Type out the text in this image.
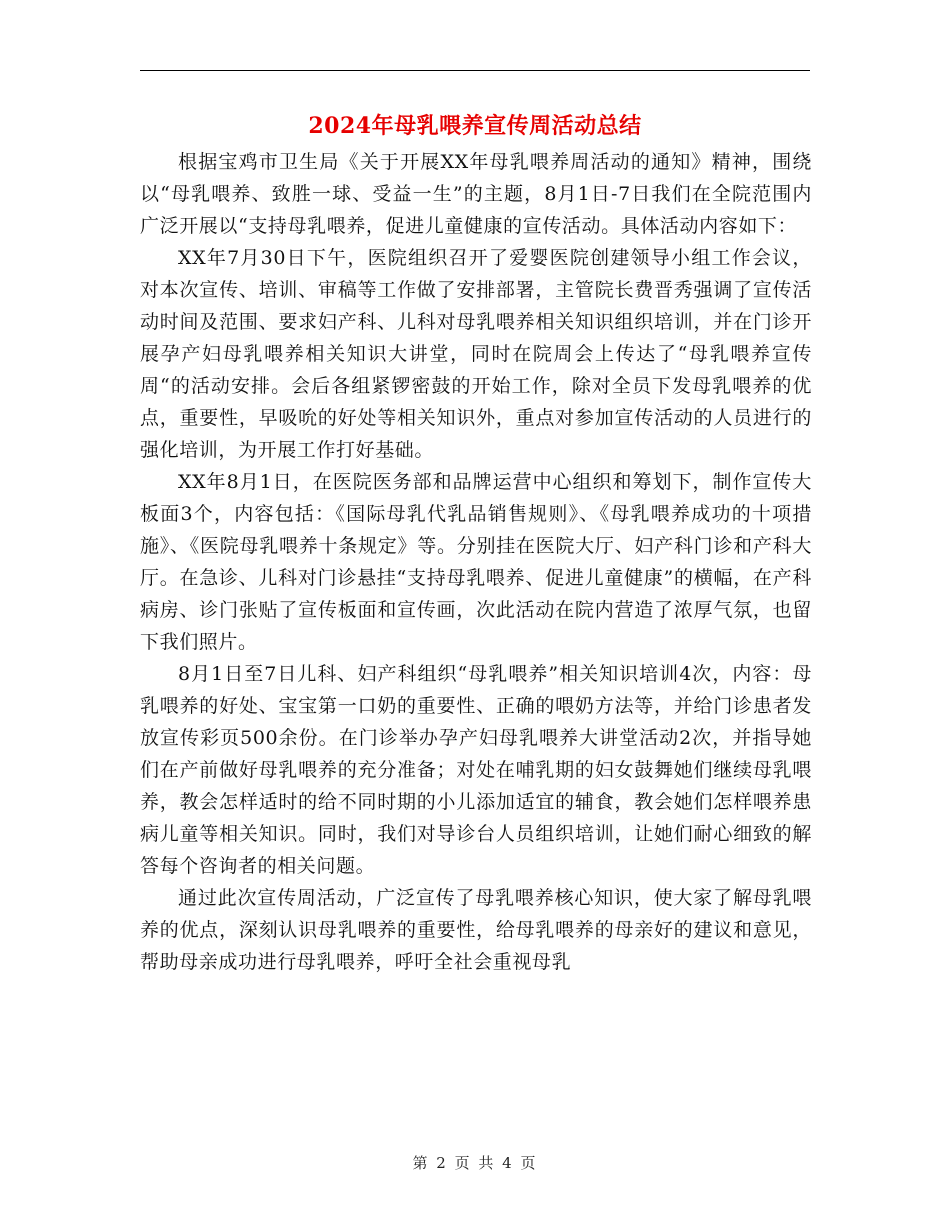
2024年母乳喂养宣传周活动总结

根据宝鸡市卫生局《关于开展XX年母乳喂养周活动的通知》精神，围绕以“母乳喂养、致胜一球、受益一生”的主题，8月1日-7日我们在全院范围内广泛开展以“支持母乳喂养，促进儿童健康的宣传活动。具体活动内容如下：

XX年7月30日下午，医院组织召开了爱婴医院创建领导小组工作会议，对本次宣传、培训、审稿等工作做了安排部署，主管院长费晋秀强调了宣传活动时间及范围、要求妇产科、儿科对母乳喂养相关知识组织培训，并在门诊开展孕产妇母乳喂养相关知识大讲堂，同时在院周会上传达了“母乳喂养宣传周“的活动安排。会后各组紧锣密鼓的开始工作，除对全员下发母乳喂养的优点，重要性，早吸吮的好处等相关知识外，重点对参加宣传活动的人员进行的强化培训，为开展工作打好基础。

XX年8月1日，在医院医务部和品牌运营中心组织和筹划下，制作宣传大板面3个，内容包括：《国际母乳代乳品销售规则》、《母乳喂养成功的十项措施》、《医院母乳喂养十条规定》等。分别挂在医院大厅、妇产科门诊和产科大厅。在急诊、儿科对门诊悬挂“支持母乳喂养、促进儿童健康”的横幅，在产科病房、诊门张贴了宣传板面和宣传画，次此活动在院内营造了浓厚气氛，也留下我们照片。

8月1日至7日儿科、妇产科组织“母乳喂养”相关知识培训4次，内容：母乳喂养的好处、宝宝第一口奶的重要性、正确的喂奶方法等，并给门诊患者发放宣传彩页500余份。在门诊举办孕产妇母乳喂养大讲堂活动2次，并指导她们在产前做好母乳喂养的充分准备；对处在哺乳期的妇女鼓舞她们继续母乳喂养，教会怎样适时的给不同时期的小儿添加适宜的辅食，教会她们怎样喂养患病儿童等相关知识。同时，我们对导诊台人员组织培训，让她们耐心细致的解答每个咨询者的相关问题。

通过此次宣传周活动，广泛宣传了母乳喂养核心知识，使大家了解母乳喂养的优点，深刻认识母乳喂养的重要性，给母乳喂养的母亲好的建议和意见，帮助母亲成功进行母乳喂养，呼吁全社会重视母乳

第 2 页 共 4 页
